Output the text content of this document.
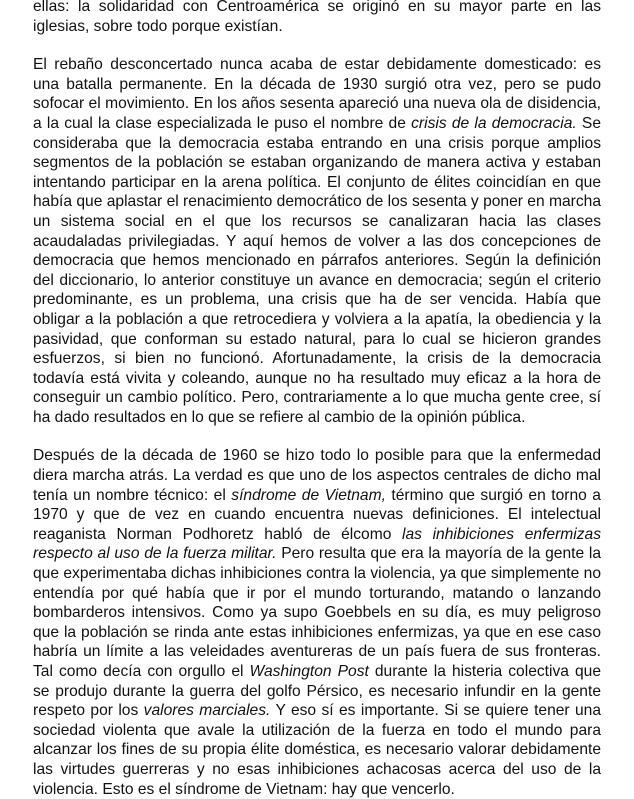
ellas: la solidaridad con Centroamérica se originó en su mayor parte en las iglesias, sobre todo porque existían.

El rebaño desconcertado nunca acaba de estar debidamente domesticado: es una batalla permanente. En la década de 1930 surgió otra vez, pero se pudo sofocar el movimiento. En los años sesenta apareció una nueva ola de disidencia, a la cual la clase especializada le puso el nombre de crisis de la democracia. Se consideraba que la democracia estaba entrando en una crisis porque amplios segmentos de la población se estaban organizando de manera activa y estaban intentando participar en la arena política. El conjunto de élites coincidían en que había que aplastar el renacimiento democrático de los sesenta y poner en marcha un sistema social en el que los recursos se canalizaran hacia las clases acaudaladas privilegiadas. Y aquí hemos de volver a las dos concepciones de democracia que hemos mencionado en párrafos anteriores. Según la definición del diccionario, lo anterior constituye un avance en democracia; según el criterio predominante, es un problema, una crisis que ha de ser vencida. Había que obligar a la población a que retrocediera y volviera a la apatía, la obediencia y la pasividad, que conforman su estado natural, para lo cual se hicieron grandes esfuerzos, si bien no funcionó. Afortunadamente, la crisis de la democracia todavía está vivita y coleando, aunque no ha resultado muy eficaz a la hora de conseguir un cambio político. Pero, contrariamente a lo que mucha gente cree, sí ha dado resultados en lo que se refiere al cambio de la opinión pública.

Después de la década de 1960 se hizo todo lo posible para que la enfermedad diera marcha atrás. La verdad es que uno de los aspectos centrales de dicho mal tenía un nombre técnico: el síndrome de Vietnam, término que surgió en torno a 1970 y que de vez en cuando encuentra nuevas definiciones. El intelectual reaganista Norman Podhoretz habló de élcomo las inhibiciones enfermizas respecto al uso de la fuerza militar. Pero resulta que era la mayoría de la gente la que experimentaba dichas inhibiciones contra la violencia, ya que simplemente no entendía por qué había que ir por el mundo torturando, matando o lanzando bombarderos intensivos. Como ya supo Goebbels en su día, es muy peligroso que la población se rinda ante estas inhibiciones enfermizas, ya que en ese caso habría un límite a las veleidades aventureras de un país fuera de sus fronteras. Tal como decía con orgullo el Washington Post durante la histeria colectiva que se produjo durante la guerra del golfo Pérsico, es necesario infundir en la gente respeto por los valores marciales. Y eso sí es importante. Si se quiere tener una sociedad violenta que avale la utilización de la fuerza en todo el mundo para alcanzar los fines de su propia élite doméstica, es necesario valorar debidamente las virtudes guerreras y no esas inhibiciones achacosas acerca del uso de la violencia. Esto es el síndrome de Vietnam: hay que vencerlo.
